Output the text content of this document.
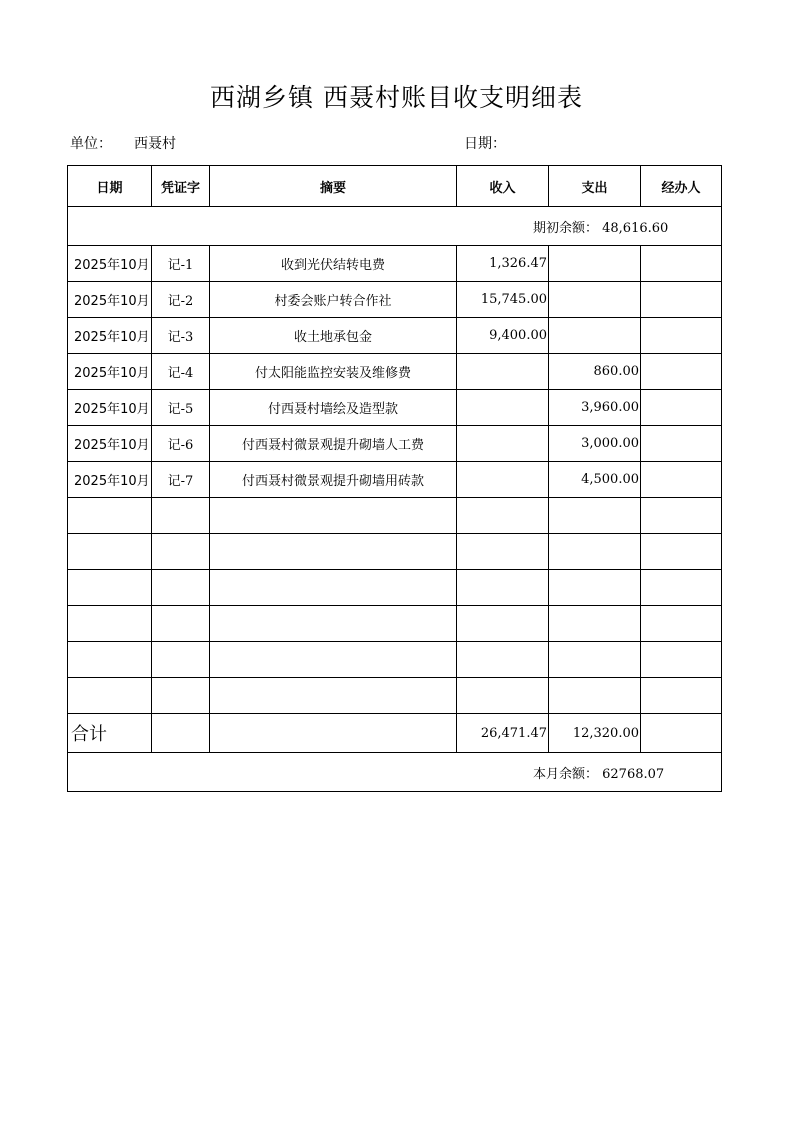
西湖乡镇 西聂村账目收支明细表
单位： 西聂村	日期：
日期	凭证字	摘要	收入	支出	经办人
期初余额： 48,616.60					
2025年10月	记-1	收到光伏结转电费	1,326.47		
2025年10月	记-2	村委会账户转合作社	15,745.00		
2025年10月	记-3	收土地承包金	9,400.00		
2025年10月	记-4	付太阳能监控安装及维修费		860.00	
2025年10月	记-5	付西聂村墙绘及造型款		3,960.00	
2025年10月	记-6	付西聂村微景观提升砌墙人工费		3,000.00	
2025年10月	记-7	付西聂村微景观提升砌墙用砖款		4,500.00	

合计			26,471.47	12,320.00	
本月余额： 62768.07					
